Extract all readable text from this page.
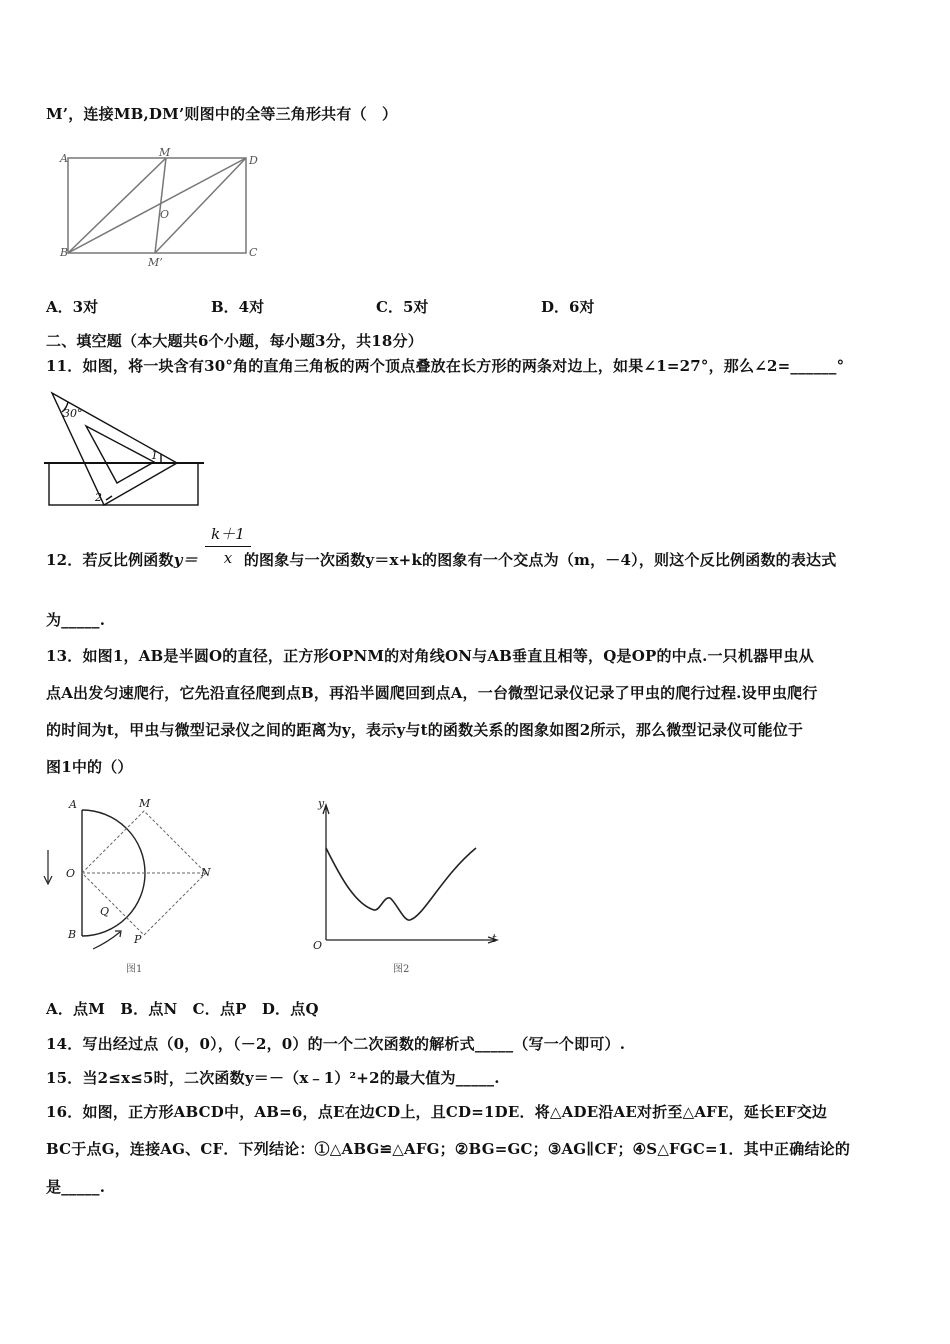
M’，连接MB,DM’则图中的全等三角形共有（　）
A	M
D
O
B
M’
C
A．3对	B．4对	C．5对	D．6对
二、填空题（本大题共6个小题，每小题3分，共18分）
11．如图，将一块含有30°角的直角三角板的两个顶点叠放在长方形的两条对边上，如果∠1=27°，那么∠2=______°
30°
1
2
12．若反比例函数y＝	的图象与一次函数y＝x+k的图象有一个交点为（m，－4），则这个反比例函数的表达式
$\frac{k+1}{x}$
为_____.
13．如图1，AB是半圆O的直径，正方形OPNM的对角线ON与AB垂直且相等，Q是OP的中点.一只机器甲虫从
点A出发匀速爬行，它先沿直径爬到点B，再沿半圆爬回到点A，一台微型记录仪记录了甲虫的爬行过程.设甲虫爬行
的时间为t，甲虫与微型记录仪之间的距离为y，表示y与t的函数关系的图象如图2所示，那么微型记录仪可能位于
图1中的（）
A	M
O	N
Q
B	P
图1
y
t
O
图2
A．点M　B．点N　C．点P　D．点Q
14．写出经过点（0，0），（－2，0）的一个二次函数的解析式_____（写一个即可）.
15．当2≤x≤5时，二次函数y＝－（x﹣1）²+2的最大值为_____.
16．如图，正方形ABCD中，AB=6，点E在边CD上，且CD=1DE．将△ADE沿AE对折至△AFE，延长EF交边
BC于点G，连接AG、CF．下列结论：①△ABG≌△AFG；②BG=GC；③AG∥CF；④S△FGC=1．其中正确结论的
是_____.
